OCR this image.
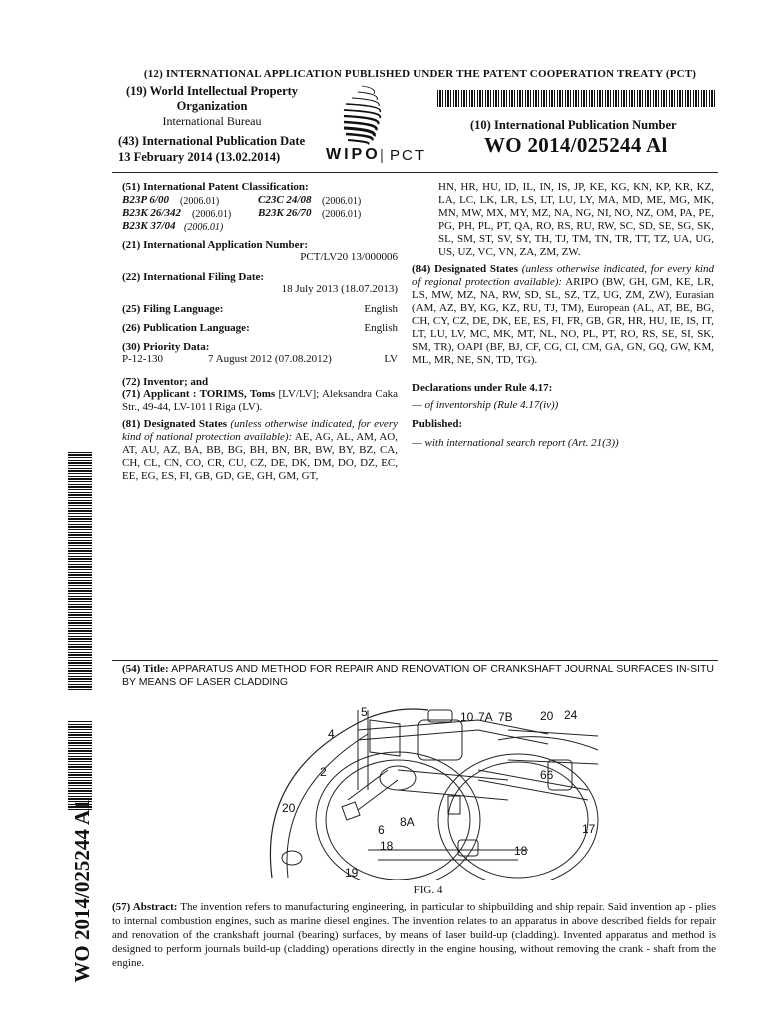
(12) INTERNATIONAL APPLICATION PUBLISHED UNDER THE PATENT COOPERATION TREATY (PCT)
(19) World Intellectual Property
Organization
International Bureau
(43) International Publication Date
13 February 2014 (13.02.2014)	WIPO | PCT
(10) International Publication Number
WO 2014/025244 Al
(51) International Patent Classification:
B23P 6/00 (2006.01)	C23C 24/08 (2006.01)
B23K 26/342 (2006.01) B23K 26/70 (2006.01)
B23K 37/04 (2006.01)
(21) International Application Number:
PCT/LV20 13/000006
(22) International Filing Date:
18 July 2013 (18.07.2013)
(25) Filing Language:	English
(26) Publication Language:	English
(30) Priority Data:
P-12-130	7 August 2012 (07.08.2012)	LV
(72) Inventor; and
(71) Applicant : TORIMS, Toms [LV/LV]; Aleksandra Caka Str., 49-44, LV-101 l Riga (LV).
(81) Designated States (unless otherwise indicated, for every kind of national protection available): AE, AG, AL, AM, AO, AT, AU, AZ, BA, BB, BG, BH, BN, BR, BW, BY, BZ, CA, CH, CL, CN, CO, CR, CU, CZ, DE, DK, DM, DO, DZ, EC, EE, EG, ES, FI, GB, GD, GE, GH, GM, GT,
HN, HR, HU, ID, IL, IN, IS, JP, KE, KG, KN, KP, KR, KZ, LA, LC, LK, LR, LS, LT, LU, LY, MA, MD, ME, MG, MK, MN, MW, MX, MY, MZ, NA, NG, NI, NO, NZ, OM, PA, PE, PG, PH, PL, PT, QA, RO, RS, RU, RW, SC, SD, SE, SG, SK, SL, SM, ST, SV, SY, TH, TJ, TM, TN, TR, TT, TZ, UA, UG, US, UZ, VC, VN, ZA, ZM, ZW.
(84) Designated States (unless otherwise indicated, for every kind of regional protection available): ARIPO (BW, GH, GM, KE, LR, LS, MW, MZ, NA, RW, SD, SL, SZ, TZ, UG, ZM, ZW), Eurasian (AM, AZ, BY, KG, KZ, RU, TJ, TM), European (AL, AT, BE, BG, CH, CY, CZ, DE, DK, EE, ES, FI, FR, GB, GR, HR, HU, IE, IS, IT, LT, LU, LV, MC, MK, MT, NL, NO, PL, PT, RO, RS, SE, SI, SK, SM, TR), OAPI (BF, BJ, CF, CG, CI, CM, GA, GN, GQ, GW, KM, ML, MR, NE, SN, TD, TG).
Declarations under Rule 4.17:
— of inventorship (Rule 4.17(iv))
Published:
— with international search report (Art. 21(3))
WO 2014/025244 A1
(54) Title: APPARATUS AND METHOD FOR REPAIR AND RENOVATION OF CRANKSHAFT JOURNAL SURFACES IN-SITU BY MEANS OF LASER CLADDING
5	10 7A 7B 20 24
4
2	66
20
6
8A
18
17
19
18
FIG. 4
(57) Abstract: The invention refers to manufacturing engineering, in particular to shipbuilding and ship repair. Said invention ap - plies to internal combustion engines, such as marine diesel engines. The invention relates to an apparatus in above described fields for repair and renovation of the crankshaft journal (bearing) surfaces, by means of laser build-up (cladding). Invented apparatus and method is designed to perform journals build-up (cladding) operations directly in the engine housing, without removing the crank - shaft from the engine.
